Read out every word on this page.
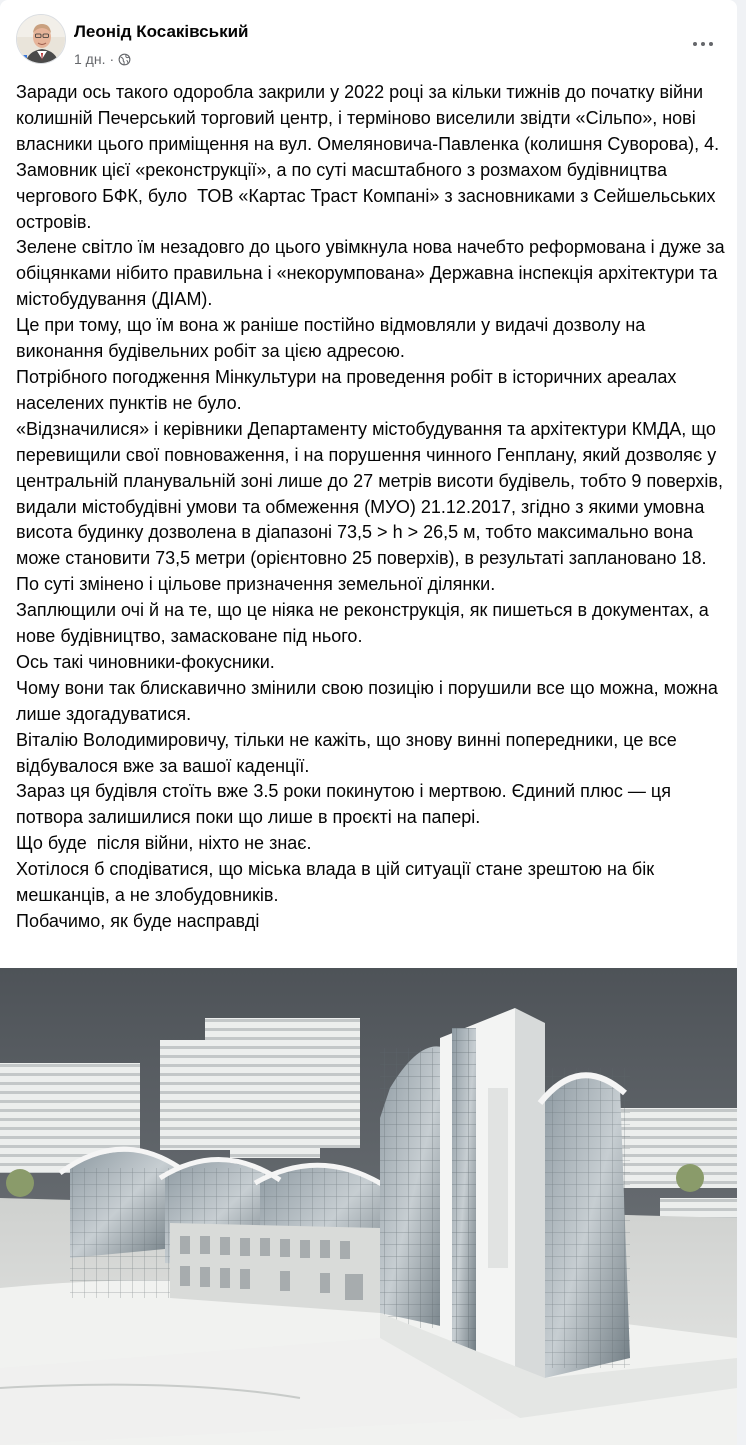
Леонід Косаківський
1 дн. ·

Заради ось такого одоробла закрили у 2022 році за кільки тижнів до початку війни колишній Печерський торговий центр, і терміново виселили звідти «Сільпо», нові власники цього приміщення на вул. Омеляновича-Павленка (колишня Суворова), 4.

Замовник цієї «реконструкції», а по суті масштабного з розмахом будівництва чергового БФК, було  ТОВ «Картас Траст Компані» з засновниками з Сейшельських островів.

Зелене світло їм незадовго до цього увімкнула нова начебто реформована і дуже за обіцянками нібито правильна і «некорумпована» Державна інспекція архітектури та містобудування (ДІАМ).

Це при тому, що їм вона ж раніше постійно відмовляли у видачі дозволу на виконання будівельних робіт за цією адресою.

Потрібного погодження Мінкультури на проведення робіт в історичних ареалах населених пунктів не було.

«Відзначилися» і керівники Департаменту містобудування та архітектури КМДА, що перевищили свої повноваження, і на порушення чинного Генплану, який дозволяє у центральній планувальній зоні лише до 27 метрів висоти будівель, тобто 9 поверхів, видали містобудівні умови та обмеження (МУО) 21.12.2017, згідно з якими умовна висота будинку дозволена в діапазоні 73,5 > h > 26,5 м, тобто максимально вона може становити 73,5 метри (орієнтовно 25 поверхів), в результаті заплановано 18. По суті змінено і цільове призначення земельної ділянки.

Заплющили очі й на те, що це ніяка не реконструкція, як пишеться в документах, а нове будівництво, замасковане під нього.

Ось такі чиновники-фокусники.

Чому вони так блискавично змінили свою позицію і порушили все що можна, можна лише здогадуватися.

Віталію Володимировичу, тільки не кажіть, що знову винні попередники, це все відбувалося вже за вашої каденції.

Зараз ця будівля стоїть вже 3.5 роки покинутою і мертвою. Єдиний плюс — ця потвора залишилися поки що лише в проєкті на папері.

Що буде  після війни, ніхто не знає.

Хотілося б сподіватися, що міська влада в цій ситуації стане зрештою на бік мешканців, а не злобудовників.

Побачимо, як буде насправді
